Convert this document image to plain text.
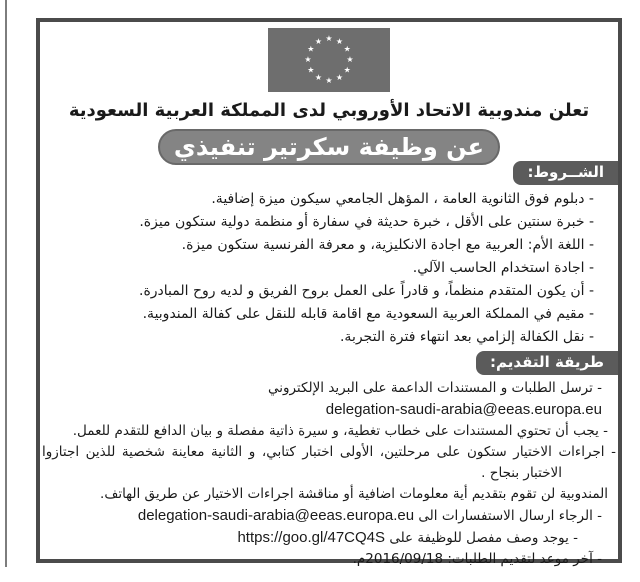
★ ★
★
★
★
★
★
★
★
★
★
★
تعلن مندوبية الاتحاد الأوروبي لدى المملكة العربية السعودية
عن وظيفة سكرتير تنفيذي
الشــروط:
- دبلوم فوق الثانوية العامة ، المؤهل الجامعي سيكون ميزة إضافية.
- خبرة سنتين على الأقل ، خبرة حديثة في سفارة أو منظمة دولية ستكون ميزة.
- اللغة الأم: العربية مع اجادة الانكليزية، و معرفة الفرنسية ستكون ميزة.
- اجادة استخدام الحاسب الآلي.
- أن يكون المتقدم منظماً، و قادراً على العمل بروح الفريق و لديه روح المبادرة.
- مقيم في المملكة العربية السعودية مع اقامة قابله للنقل على كفالة المندوبية.
- نقل الكفالة إلزامي بعد انتهاء فترة التجربة.
طريقة التقديم:
- ترسل الطلبات و المستندات الداعمة على البريد الإلكتروني
delegation-saudi-arabia@eeas.europa.eu
- يجب أن تحتوي المستندات على خطاب تغطية، و سيرة ذاتية مفصلة و بيان الدافع للتقدم للعمل.
- اجراءات الاختيار ستكون على مرحلتين، الأولى اختبار كتابي، و الثانية معاينة شخصية للذين اجتازوا
الاختبار بنجاح .
المندوبية لن تقوم بتقديم أية معلومات اضافية أو مناقشة اجراءات الاختيار عن طريق الهاتف.
- الرجاء ارسال الاستفسارات الى delegation-saudi-arabia@eeas.europa.eu
- يوجد وصف مفصل للوظيفة على https://goo.gl/47CQ4S
- آخر موعد لتقديم الطلبات: 2016/09/18م.
